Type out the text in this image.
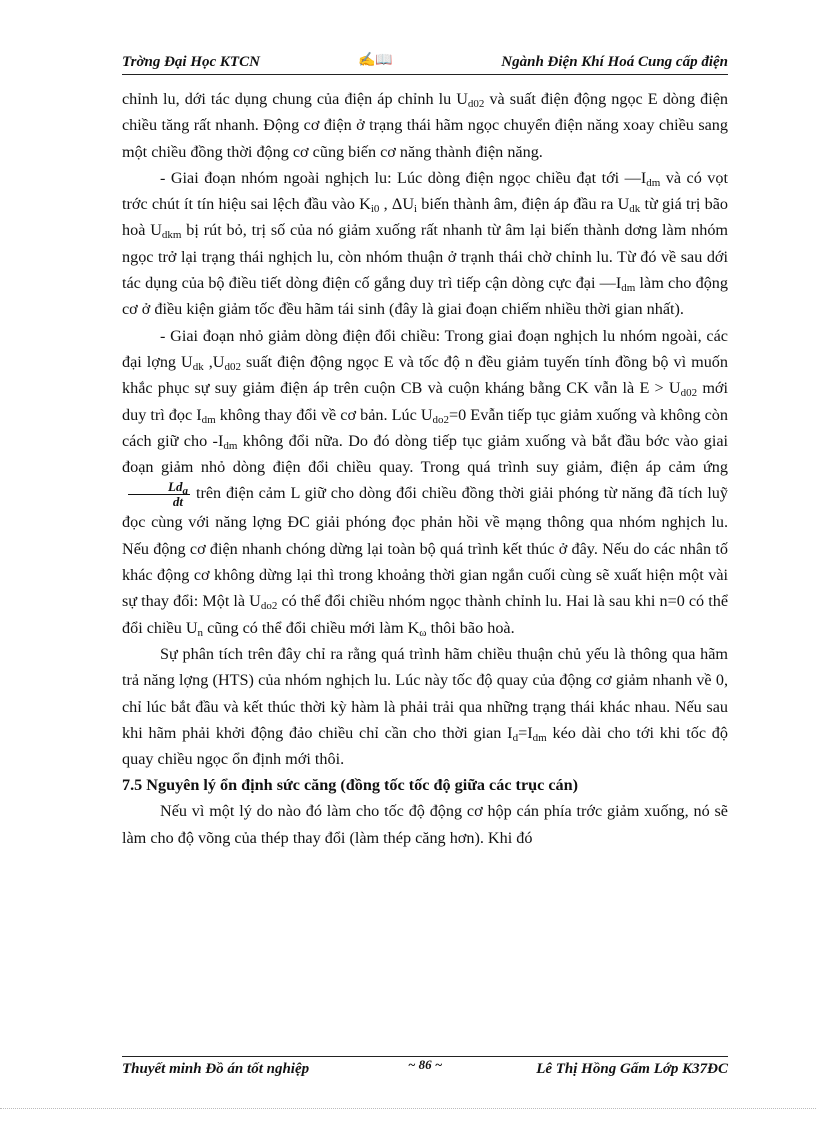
Trờng Đại Học KTCN	✍📖	Ngành Điện Khí Hoá Cung cấp điện

chỉnh lu, dới tác dụng chung của điện áp chỉnh lu $U_{d02}$ và suất điện động ngọc E dòng điện chiều tăng rất nhanh. Động cơ điện ở trạng thái hãm ngọc chuyển điện năng xoay chiều sang một chiều đồng thời động cơ cũng biến cơ năng thành điện năng.

- Giai đoạn nhóm ngoài nghịch lu: Lúc dòng điện ngọc chiều đạt tới $—I_{dm}$ và có vọt trớc chút ít tín hiệu sai lệch đầu vào $K_{i0}$ , $\Delta U_i$ biến thành âm, điện áp đầu ra $U_{dk}$ từ giá trị bão hoà $U_{dkm}$ bị rút bỏ, trị số của nó giảm xuống rất nhanh từ âm lại biến thành dơng làm nhóm ngọc trở lại trạng thái nghịch lu, còn nhóm thuận ở trạnh thái chờ chỉnh lu. Từ đó về sau dới tác dụng của bộ điều tiết dòng điện cố gắng duy trì tiếp cận dòng cực đại $—I_{dm}$ làm cho động cơ ở điều kiện giảm tốc đều hãm tái sinh (đây là giai đoạn chiếm nhiều thời gian nhất).

- Giai đoạn nhỏ giảm dòng điện đổi chiều: Trong giai đoạn nghịch lu nhóm ngoài, các đại lợng $U_{dk}$ $,U_{d02}$ suất điện động ngọc E và tốc độ n đều giảm tuyến tính đồng bộ vì muốn khắc phục sự suy giảm điện áp trên cuộn CB và cuộn kháng bằng CK vẫn là $E > U_{d02}$ mới duy trì đọc $I_{dm}$ không thay đổi về cơ bản. Lúc $U_{do2}=0$ Evẫn tiếp tục giảm xuống và không còn cách giữ cho $-I_{dm}$ không đổi nữa. Do đó dòng tiếp tục giảm xuống và bắt đầu bớc vào giai đoạn giảm nhỏ dòng điện đổi chiều quay. Trong quá trình suy giảm, điện áp cảm ứng
$\frac{Ld_a}{dt}$ trên điện cảm L giữ cho dòng đổi chiều đồng thời giải phóng từ năng đã tích luỹ đọc cùng với năng lợng ĐC giải phóng đọc phản hồi về mạng thông qua nhóm nghịch lu. Nếu động cơ điện nhanh chóng dừng lại toàn bộ quá trình kết thúc ở đây. Nếu do các nhân tố khác động cơ không dừng lại thì trong khoảng thời gian ngắn cuối cùng sẽ xuất hiện một vài sự thay đổi: Một là $U_{do2}$ có thể đổi chiều nhóm ngọc thành chỉnh lu. Hai là sau khi n=0 có thể đổi chiều $U_n$ cũng có thể đổi chiều mới làm $K_\omega$ thôi bão hoà.

Sự phân tích trên đây chỉ ra rằng quá trình hãm chiều thuận chủ yếu là thông qua hãm trả năng lợng (HTS) của nhóm nghịch lu. Lúc này tốc độ quay của động cơ giảm nhanh về 0, chỉ lúc bắt đầu và kết thúc thời kỳ hàm là phải trải qua những trạng thái khác nhau. Nếu sau khi hãm phải khởi động đảo chiều chỉ cần cho thời gian $I_d=I_{dm}$ kéo dài cho tới khi tốc độ quay chiều ngọc ổn định mới thôi.

7.5 Nguyên lý ổn định sức căng (đồng tốc tốc độ giữa các trục cán)

Nếu vì một lý do nào đó làm cho tốc độ động cơ hộp cán phía trớc giảm xuống, nó sẽ làm cho độ võng của thép thay đổi (làm thép căng hơn). Khi đó

Thuyết minh Đồ án tốt nghiệp	~ 86 ~	Lê Thị Hồng Gấm Lớp K37ĐC
